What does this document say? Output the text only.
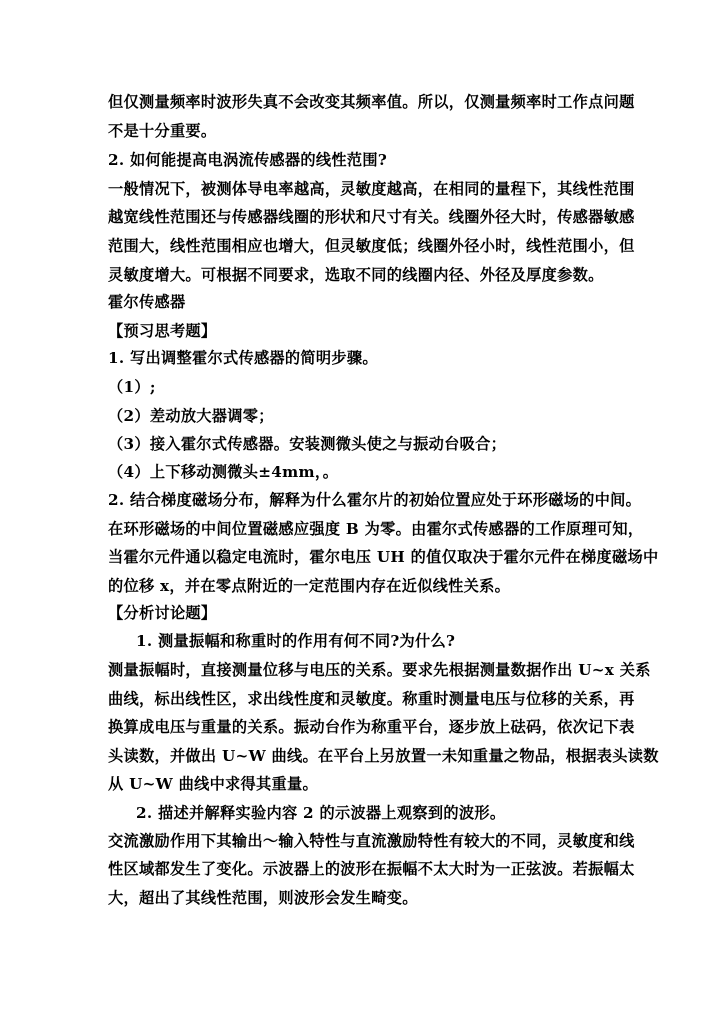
但仅测量频率时波形失真不会改变其频率值。所以，仅测量频率时工作点问题
不是十分重要。
2. 如何能提高电涡流传感器的线性范围?
一般情况下，被测体导电率越高，灵敏度越高，在相同的量程下，其线性范围
越宽线性范围还与传感器线圈的形状和尺寸有关。线圈外径大时，传感器敏感
范围大，线性范围相应也增大，但灵敏度低；线圈外径小时，线性范围小，但
灵敏度增大。可根据不同要求，选取不同的线圈内径、外径及厚度参数。
霍尔传感器
【预习思考题】
1. 写出调整霍尔式传感器的简明步骤。
（1）;
（2）差动放大器调零；
（3）接入霍尔式传感器。安装测微头使之与振动台吸合；
（4）上下移动测微头±4mm，。
2. 结合梯度磁场分布，解释为什么霍尔片的初始位置应处于环形磁场的中间。
在环形磁场的中间位置磁感应强度 B 为零。由霍尔式传感器的工作原理可知，
当霍尔元件通以稳定电流时，霍尔电压 UH 的值仅取决于霍尔元件在梯度磁场中
的位移 x，并在零点附近的一定范围内存在近似线性关系。
【分析讨论题】
1. 测量振幅和称重时的作用有何不同?为什么?
测量振幅时，直接测量位移与电压的关系。要求先根据测量数据作出 U~x 关系
曲线，标出线性区，求出线性度和灵敏度。称重时测量电压与位移的关系，再
换算成电压与重量的关系。振动台作为称重平台，逐步放上砝码，依次记下表
头读数，并做出 U~W 曲线。在平台上另放置一未知重量之物品，根据表头读数
从 U~W 曲线中求得其重量。
2. 描述并解释实验内容 2 的示波器上观察到的波形。
交流激励作用下其输出～输入特性与直流激励特性有较大的不同，灵敏度和线
性区域都发生了变化。示波器上的波形在振幅不太大时为一正弦波。若振幅太
大，超出了其线性范围，则波形会发生畸变。
